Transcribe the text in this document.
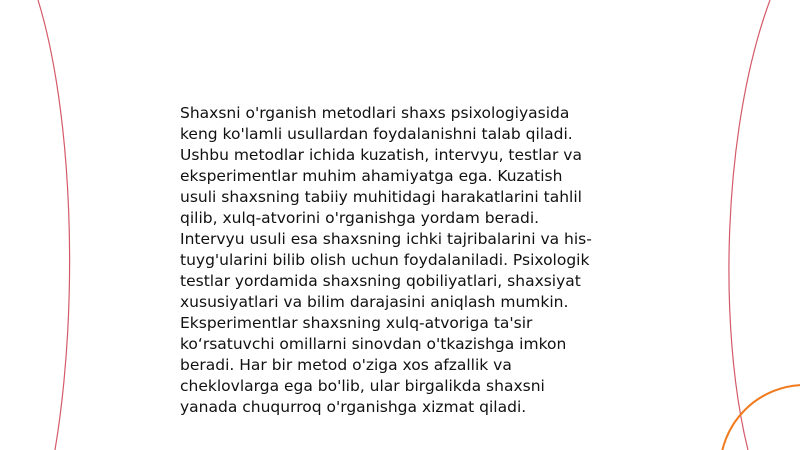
Shaxsni o'rganish metodlari shaxs psixologiyasida
keng ko'lamli usullardan foydalanishni talab qiladi.
Ushbu metodlar ichida kuzatish, intervyu, testlar va
eksperimentlar muhim ahamiyatga ega. Kuzatish
usuli shaxsning tabiiy muhitidagi harakatlarini tahlil
qilib, xulq-atvorini o'rganishga yordam beradi.
Intervyu usuli esa shaxsning ichki tajribalarini va his-
tuyg'ularini bilib olish uchun foydalaniladi. Psixologik
testlar yordamida shaxsning qobiliyatlari, shaxsiyat
xususiyatlari va bilim darajasini aniqlash mumkin.
Eksperimentlar shaxsning xulq-atvoriga ta'sir
ko‘rsatuvchi omillarni sinovdan o'tkazishga imkon
beradi. Har bir metod o'ziga xos afzallik va
cheklovlarga ega bo'lib, ular birgalikda shaxsni
yanada chuqurroq o'rganishga xizmat qiladi.
